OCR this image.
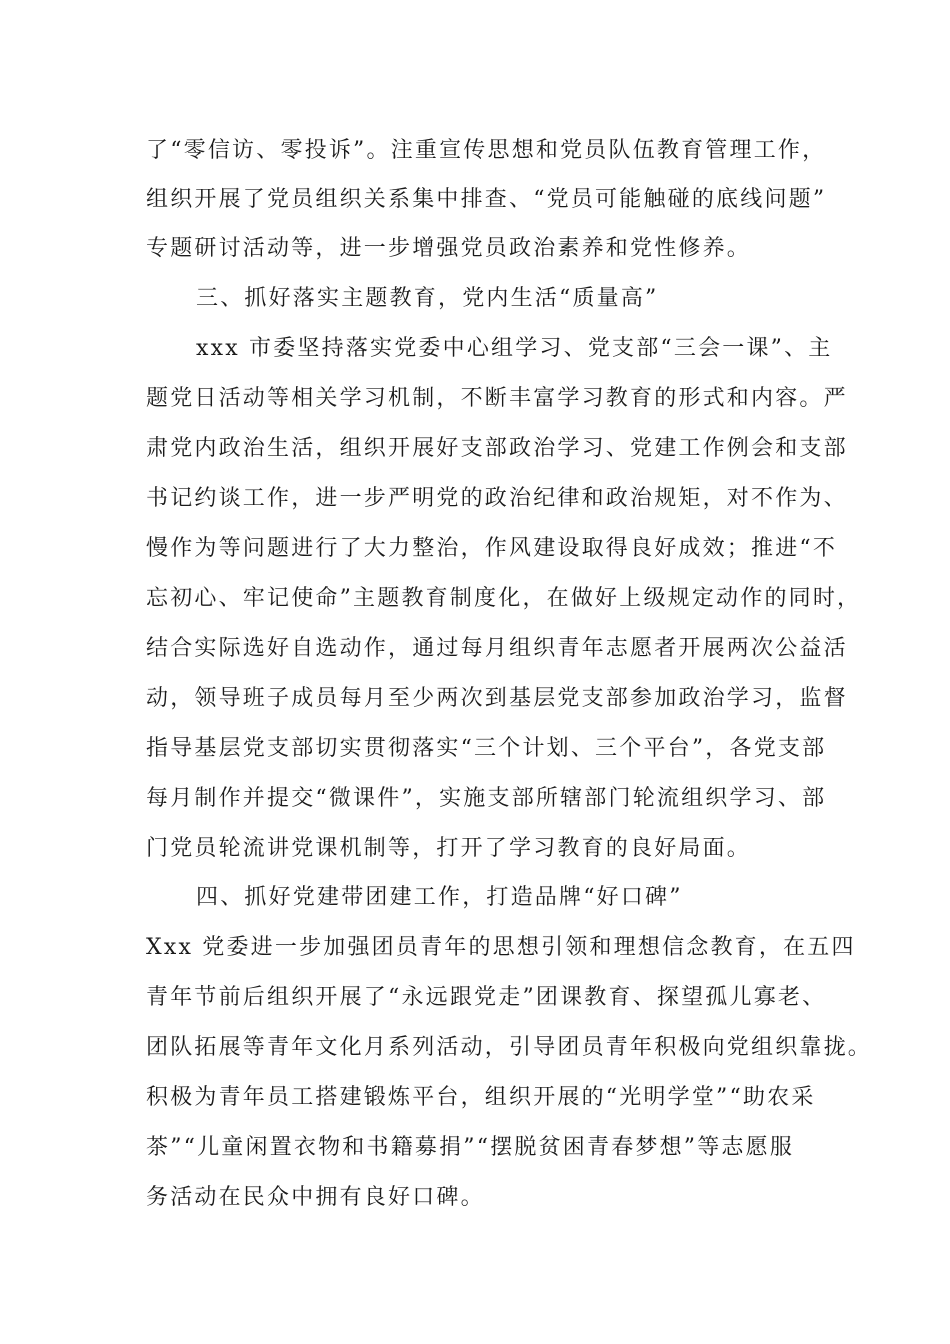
了“零信访、零投诉”。注重宣传思想和党员队伍教育管理工作，
组织开展了党员组织关系集中排查、“党员可能触碰的底线问题”
专题研讨活动等，进一步增强党员政治素养和党性修养。
三、抓好落实主题教育，党内生活“质量高”
xxx 市委坚持落实党委中心组学习、党支部“三会一课”、主
题党日活动等相关学习机制，不断丰富学习教育的形式和内容。严
肃党内政治生活，组织开展好支部政治学习、党建工作例会和支部
书记约谈工作，进一步严明党的政治纪律和政治规矩，对不作为、
慢作为等问题进行了大力整治，作风建设取得良好成效；推进“不
忘初心、牢记使命”主题教育制度化，在做好上级规定动作的同时，
结合实际选好自选动作，通过每月组织青年志愿者开展两次公益活
动，领导班子成员每月至少两次到基层党支部参加政治学习，监督
指导基层党支部切实贯彻落实“三个计划、三个平台”，各党支部
每月制作并提交“微课件”，实施支部所辖部门轮流组织学习、部
门党员轮流讲党课机制等，打开了学习教育的良好局面。
四、抓好党建带团建工作，打造品牌“好口碑”
Xxx 党委进一步加强团员青年的思想引领和理想信念教育，在五四
青年节前后组织开展了“永远跟党走”团课教育、探望孤儿寡老、
团队拓展等青年文化月系列活动，引导团员青年积极向党组织靠拢。
积极为青年员工搭建锻炼平台，组织开展的“光明学堂”“助农采
茶”“儿童闲置衣物和书籍募捐”“摆脱贫困青春梦想”等志愿服
务活动在民众中拥有良好口碑。
